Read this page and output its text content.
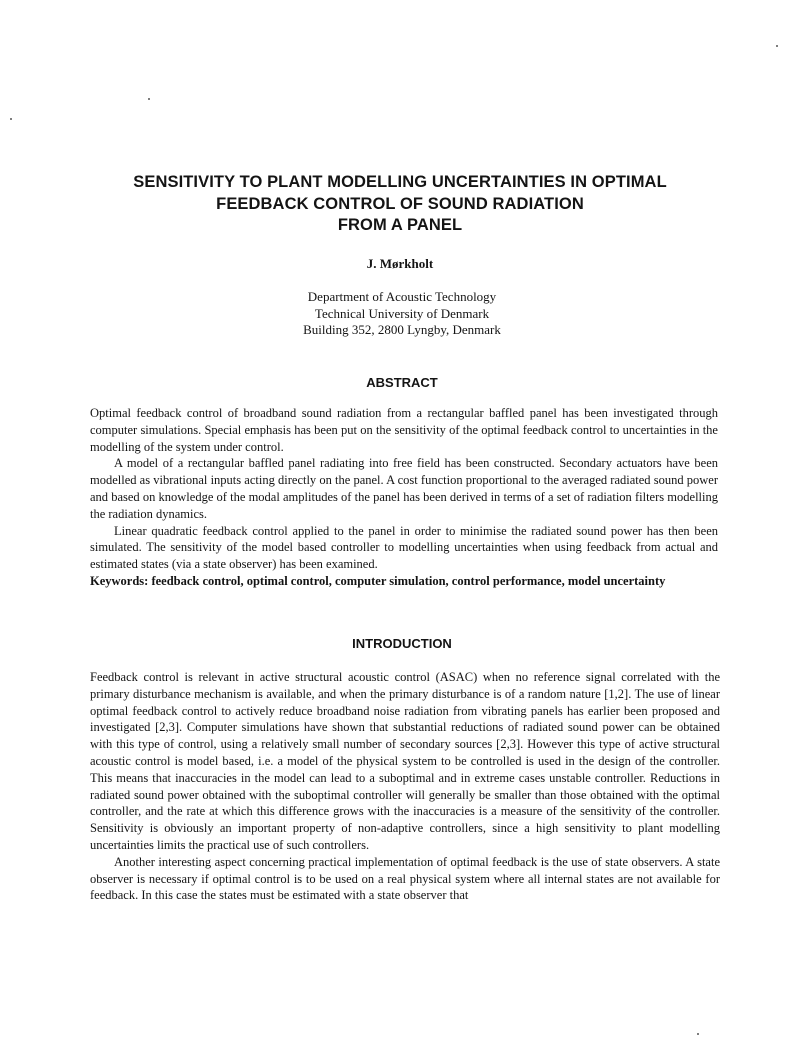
SENSITIVITY TO PLANT MODELLING UNCERTAINTIES IN OPTIMAL
FEEDBACK CONTROL OF SOUND RADIATION
FROM A PANEL
J. Mørkholt
Department of Acoustic Technology
Technical University of Denmark
Building 352, 2800 Lyngby, Denmark
ABSTRACT

Optimal feedback control of broadband sound radiation from a rectangular baffled panel has been investigated through computer simulations. Special emphasis has been put on the sensitivity of the optimal feedback control to uncertainties in the modelling of the system under control.

A model of a rectangular baffled panel radiating into free field has been constructed. Secondary actuators have been modelled as vibrational inputs acting directly on the panel. A cost function proportional to the averaged radiated sound power and based on knowledge of the modal amplitudes of the panel has been derived in terms of a set of radiation filters modelling the radiation dynamics.

Linear quadratic feedback control applied to the panel in order to minimise the radiated sound power has then been simulated. The sensitivity of the model based controller to modelling uncertainties when using feedback from actual and estimated states (via a state observer) has been examined.

Keywords: feedback control, optimal control, computer simulation, control performance, model uncertainty

INTRODUCTION

Feedback control is relevant in active structural acoustic control (ASAC) when no reference signal correlated with the primary disturbance mechanism is available, and when the primary disturbance is of a random nature [1,2]. The use of linear optimal feedback control to actively reduce broadband noise radiation from vibrating panels has earlier been proposed and investigated [2,3]. Computer simulations have shown that substantial reductions of radiated sound power can be obtained with this type of control, using a relatively small number of secondary sources [2,3]. However this type of active structural acoustic control is model based, i.e. a model of the physical system to be controlled is used in the design of the controller. This means that inaccuracies in the model can lead to a suboptimal and in extreme cases unstable controller. Reductions in radiated sound power obtained with the suboptimal controller will generally be smaller than those obtained with the optimal controller, and the rate at which this difference grows with the inaccuracies is a measure of the sensitivity of the controller. Sensitivity is obviously an important property of non-adaptive controllers, since a high sensitivity to plant modelling uncertainties limits the practical use of such controllers.

Another interesting aspect concerning practical implementation of optimal feedback is the use of state observers. A state observer is necessary if optimal control is to be used on a real physical system where all internal states are not available for feedback. In this case the states must be estimated with a state observer that
